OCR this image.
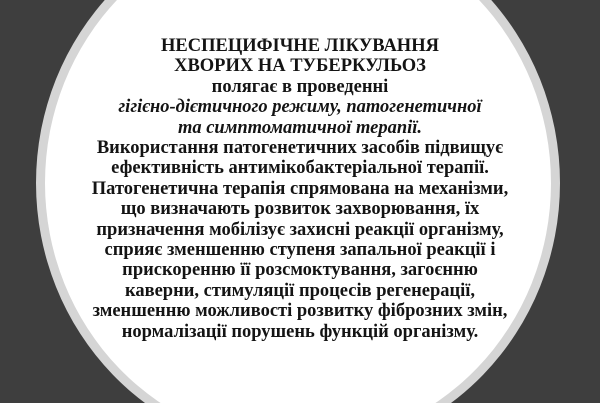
НЕСПЕЦИФІЧНЕ ЛІКУВАННЯ
ХВОРИХ НА ТУБЕРКУЛЬОЗ
полягає в проведенні
гігієно-дієтичного режиму, патогенетичної
та симптоматичної терапії.
Використання патогенетичних засобів підвищує
ефективність антимікобактеріальної терапії.
Патогенетична терапія спрямована на механізми,
що визначають розвиток захворювання, їх
призначення мобілізує захисні реакції організму,
сприяє зменшенню ступеня запальної реакції і
прискоренню її розсмоктування, загоєнню
каверни, стимуляції процесів регенерації,
зменшенню можливості розвитку фіброзних змін,
нормалізації порушень функцій організму.
